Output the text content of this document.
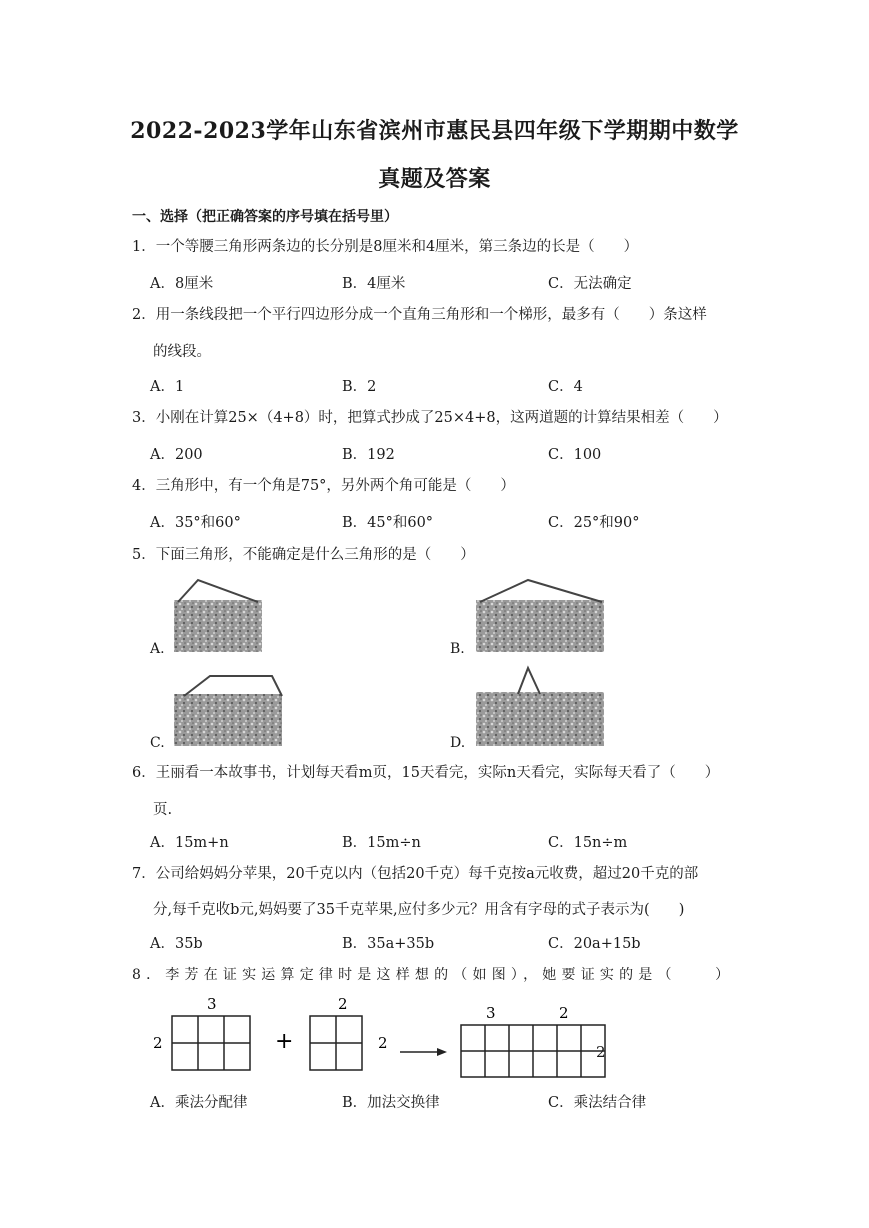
2022-2023学年山东省滨州市惠民县四年级下学期期中数学
真题及答案
一、选择（把正确答案的序号填在括号里）
1．一个等腰三角形两条边的长分别是8厘米和4厘米，第三条边的长是（　　）
A．8厘米	B．4厘米	C．无法确定
2．用一条线段把一个平行四边形分成一个直角三角形和一个梯形，最多有（　　）条这样
的线段。
A．1	B．2	C．4
3．小刚在计算25×（4+8）时，把算式抄成了25×4+8，这两道题的计算结果相差（　　）
A．200	B．192	C．100
4．三角形中，有一个角是75°，另外两个角可能是（　　）
A．35°和60°	B．45°和60°	C．25°和90°
5．下面三角形，不能确定是什么三角形的是（　　）
A.	B.
C.	D.
6．王丽看一本故事书，计划每天看m页，15天看完，实际n天看完，实际每天看了（　　）
页.
A．15m+n	B．15m÷n	C．15n÷m
7．公司给妈妈分苹果，20千克以内（包括20千克）每千克按a元收费，超过20千克的部
分,每千克收b元,妈妈要了35千克苹果,应付多少元？用含有字母的式子表示为(　　)
A．35b	B．35a+35b	C．20a+15b
8．李芳在证实运算定律时是这样想的（如图），她要证实的是（　　）
3
2	+
2
2
3	2
2
A．乘法分配律	B．加法交换律	C．乘法结合律
